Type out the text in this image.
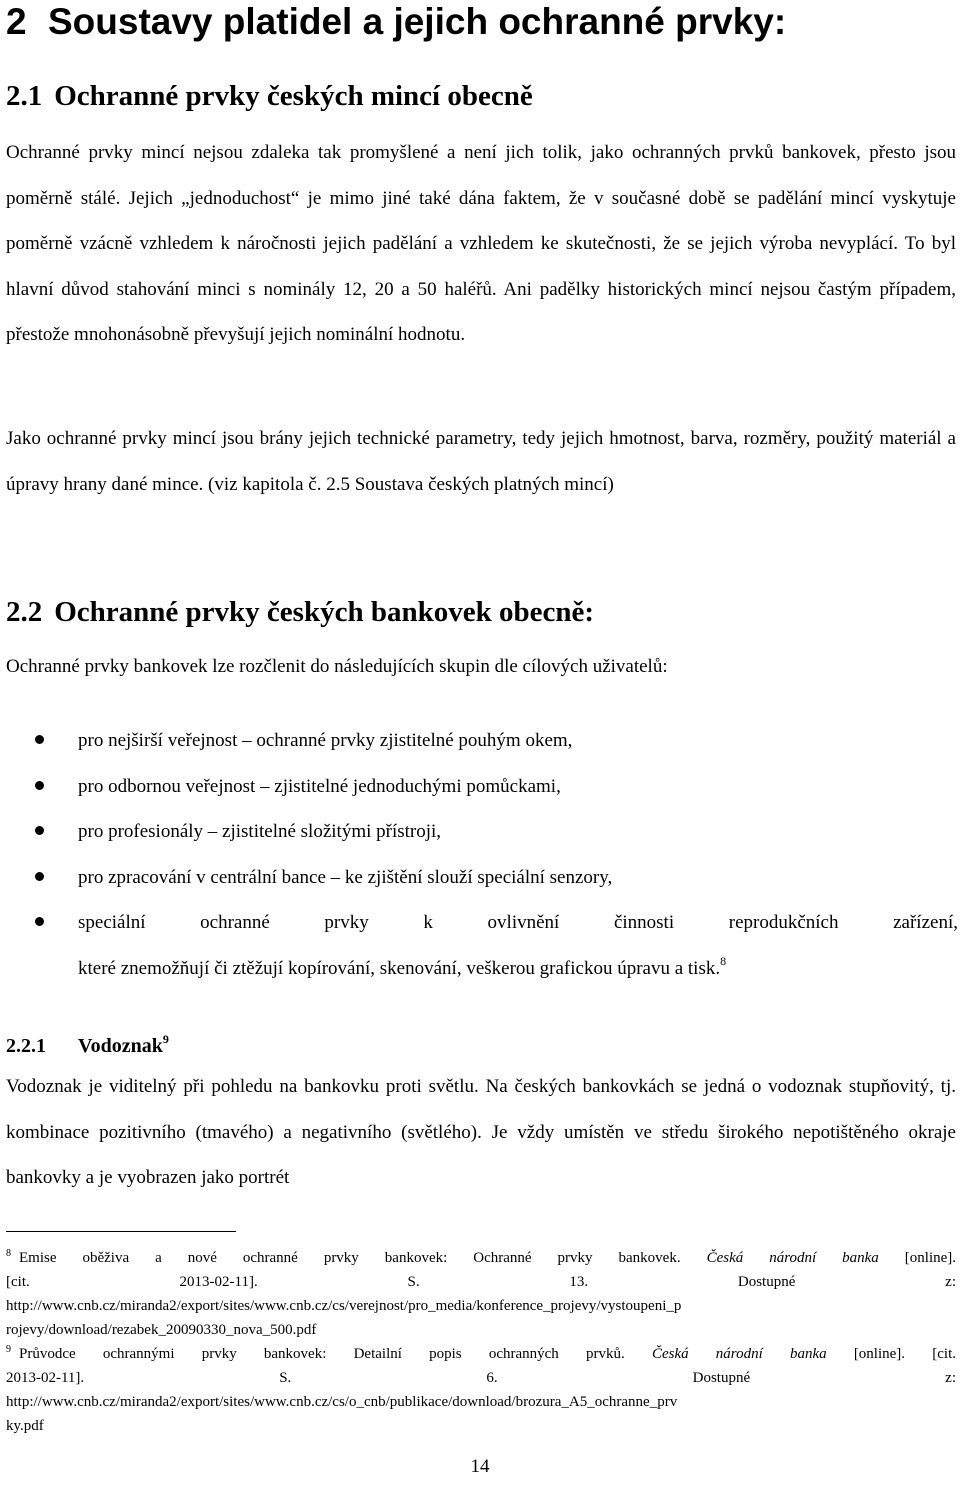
2 Soustavy platidel a jejich ochranné prvky:
2.1 Ochranné prvky českých mincí obecně

Ochranné prvky mincí nejsou zdaleka tak promyšlené a není jich tolik, jako ochranných prvků bankovek, přesto jsou poměrně stálé. Jejich „jednoduchost“ je mimo jiné také dána faktem, že v současné době se padělání mincí vyskytuje poměrně vzácně vzhledem k náročnosti jejich padělání a vzhledem ke skutečnosti, že se jejich výroba nevyplácí. To byl hlavní důvod stahování minci s nominály 12, 20 a 50 haléřů. Ani padělky historických mincí nejsou častým případem, přestože mnohonásobně převyšují jejich nominální hodnotu.

Jako ochranné prvky mincí jsou brány jejich technické parametry, tedy jejich hmotnost, barva, rozměry, použitý materiál a úpravy hrany dané mince. (viz kapitola č. 2.5 Soustava českých platných mincí)

2.2 Ochranné prvky českých bankovek obecně:

Ochranné prvky bankovek lze rozčlenit do následujících skupin dle cílových uživatelů:

pro nejširší veřejnost – ochranné prvky zjistitelné pouhým okem,
pro odbornou veřejnost – zjistitelné jednoduchými pomůckami,
pro profesionály – zjistitelné složitými přístroji,
pro zpracování v centrální bance – ke zjištění slouží speciální senzory,
speciální ochranné prvky k ovlivnění činnosti reprodukčních zařízení,
které znemožňují či ztěžují kopírování, skenování, veškerou grafickou úpravu a tisk.$^8$
2.2.1 Vodoznak$^9$

Vodoznak je viditelný při pohledu na bankovku proti světlu. Na českých bankovkách se jedná o vodoznak stupňovitý, tj. kombinace pozitivního (tmavého) a negativního (světlého). Je vždy umístěn ve středu širokého nepotištěného okraje bankovky a je vyobrazen jako portrét

$^8$ Emise oběživa a nové ochranné prvky bankovek: Ochranné prvky bankovek. Česká národní banka [online].
[cit. 2013-02-11]. S. 13. Dostupné z:
http://www.cnb.cz/miranda2/export/sites/www.cnb.cz/cs/verejnost/pro_media/konference_projevy/vystoupeni_p
rojevy/download/rezabek_20090330_nova_500.pdf
$^9$ Průvodce ochrannými prvky bankovek: Detailní popis ochranných prvků. Česká národní banka [online]. [cit.
2013-02-11]. S. 6. Dostupné z:
http://www.cnb.cz/miranda2/export/sites/www.cnb.cz/cs/o_cnb/publikace/download/brozura_A5_ochranne_prv
ky.pdf
14
